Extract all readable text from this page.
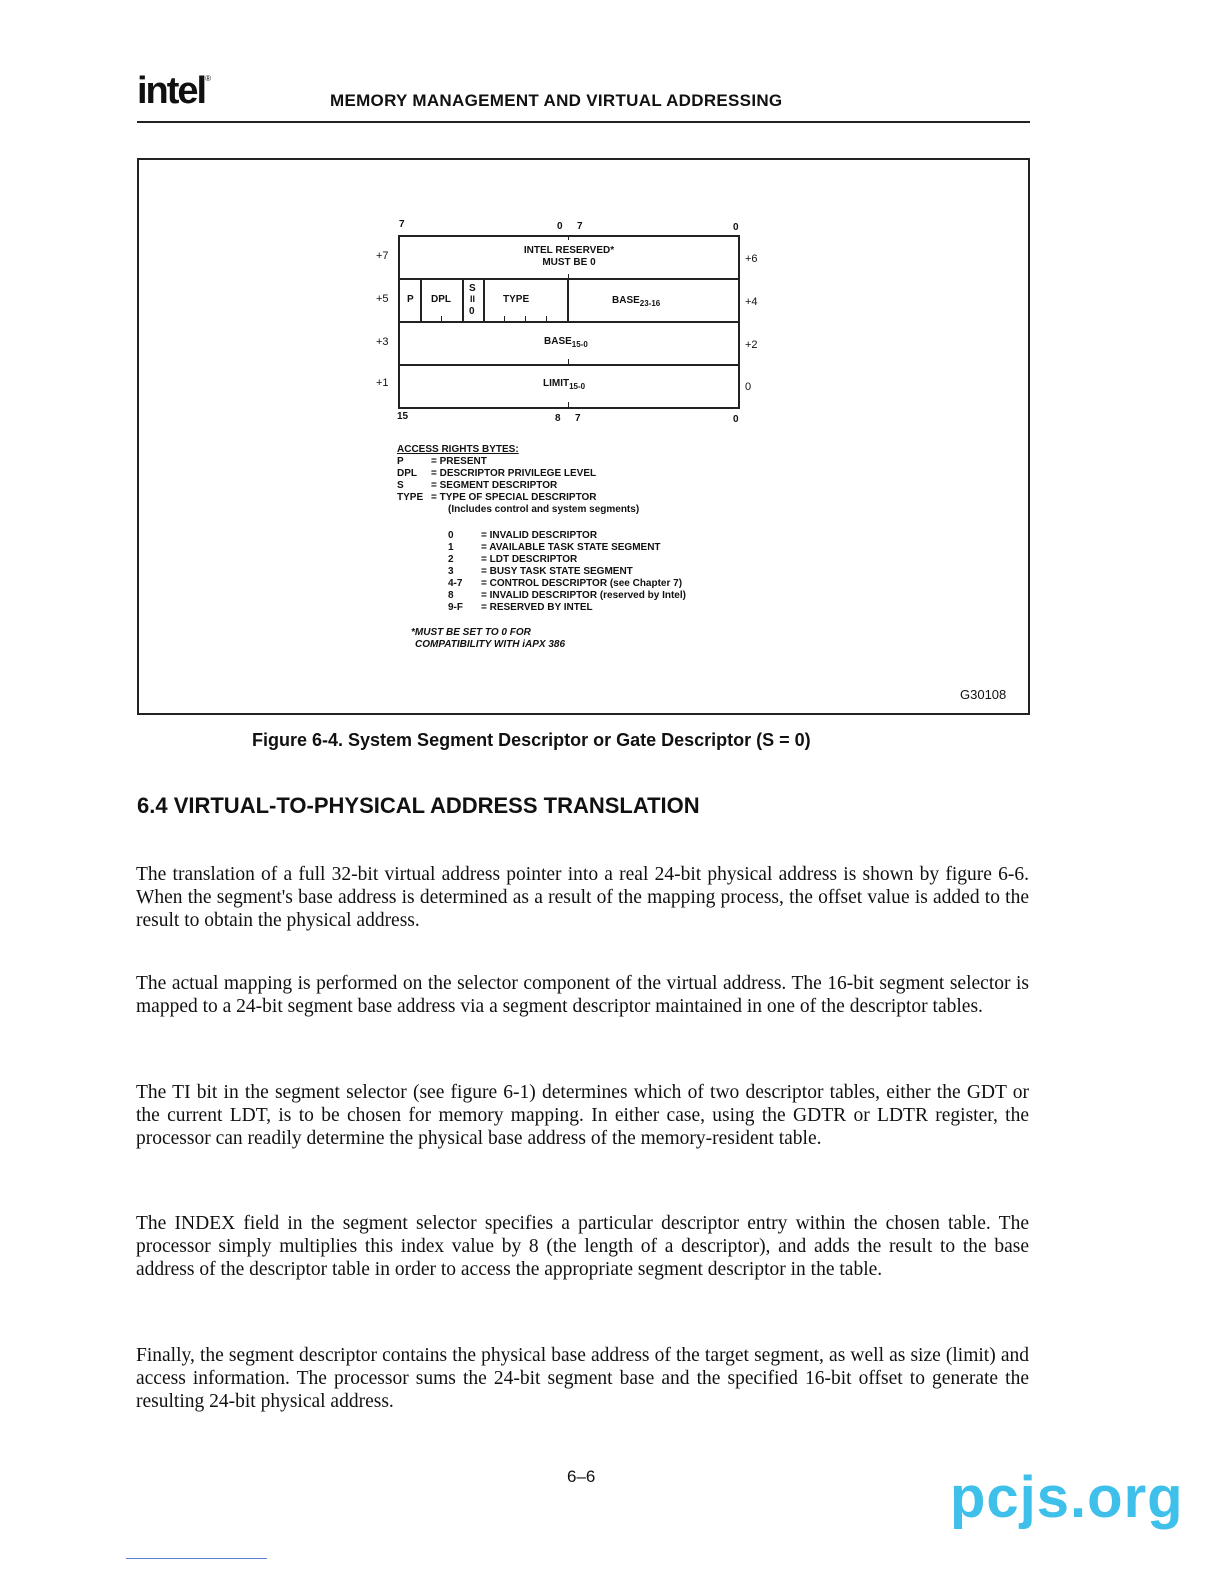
intel®
MEMORY MANAGEMENT AND VIRTUAL ADDRESSING
7	0 7	0
+7
+5
+3
+1
+6
+4
+2
0
INTEL RESERVED*
MUST BE 0
P DPL
S
II
0
TYPE	$BASE_{23-16}$
$BASE_{15-0}$
$LIMIT_{15-0}$
15	8 7	0
ACCESS RIGHTS BYTES:
P	= PRESENT
DPL = DESCRIPTOR PRIVILEGE LEVEL
S	= SEGMENT DESCRIPTOR
TYPE = TYPE OF SPECIAL DESCRIPTOR
(Includes control and system segments)
0	= INVALID DESCRIPTOR
1	= AVAILABLE TASK STATE SEGMENT
2	= LDT DESCRIPTOR
3	= BUSY TASK STATE SEGMENT
4-7 = CONTROL DESCRIPTOR (see Chapter 7)
8	= INVALID DESCRIPTOR (reserved by Intel)
9-F = RESERVED BY INTEL
*MUST BE SET TO 0 FOR
COMPATIBILITY WITH iAPX 386
G30108
Figure 6-4. System Segment Descriptor or Gate Descriptor (S = 0)
6.4 VIRTUAL-TO-PHYSICAL ADDRESS TRANSLATION
The translation of a full 32-bit virtual address pointer into a real 24-bit physical address is shown by figure 6-6. When the segment's base address is determined as a result of the mapping process, the offset value is added to the result to obtain the physical address.
The actual mapping is performed on the selector component of the virtual address. The 16-bit segment selector is mapped to a 24-bit segment base address via a segment descriptor maintained in one of the descriptor tables.
The TI bit in the segment selector (see figure 6-1) determines which of two descriptor tables, either the GDT or the current LDT, is to be chosen for memory mapping. In either case, using the GDTR or LDTR register, the processor can readily determine the physical base address of the memory-resident table.
The INDEX field in the segment selector specifies a particular descriptor entry within the chosen table. The processor simply multiplies this index value by 8 (the length of a descriptor), and adds the result to the base address of the descriptor table in order to access the appropriate segment descriptor in the table.
Finally, the segment descriptor contains the physical base address of the target segment, as well as size (limit) and access information. The processor sums the 24-bit segment base and the specified 16-bit offset to generate the resulting 24-bit physical address.
6–6	pcjs.org
